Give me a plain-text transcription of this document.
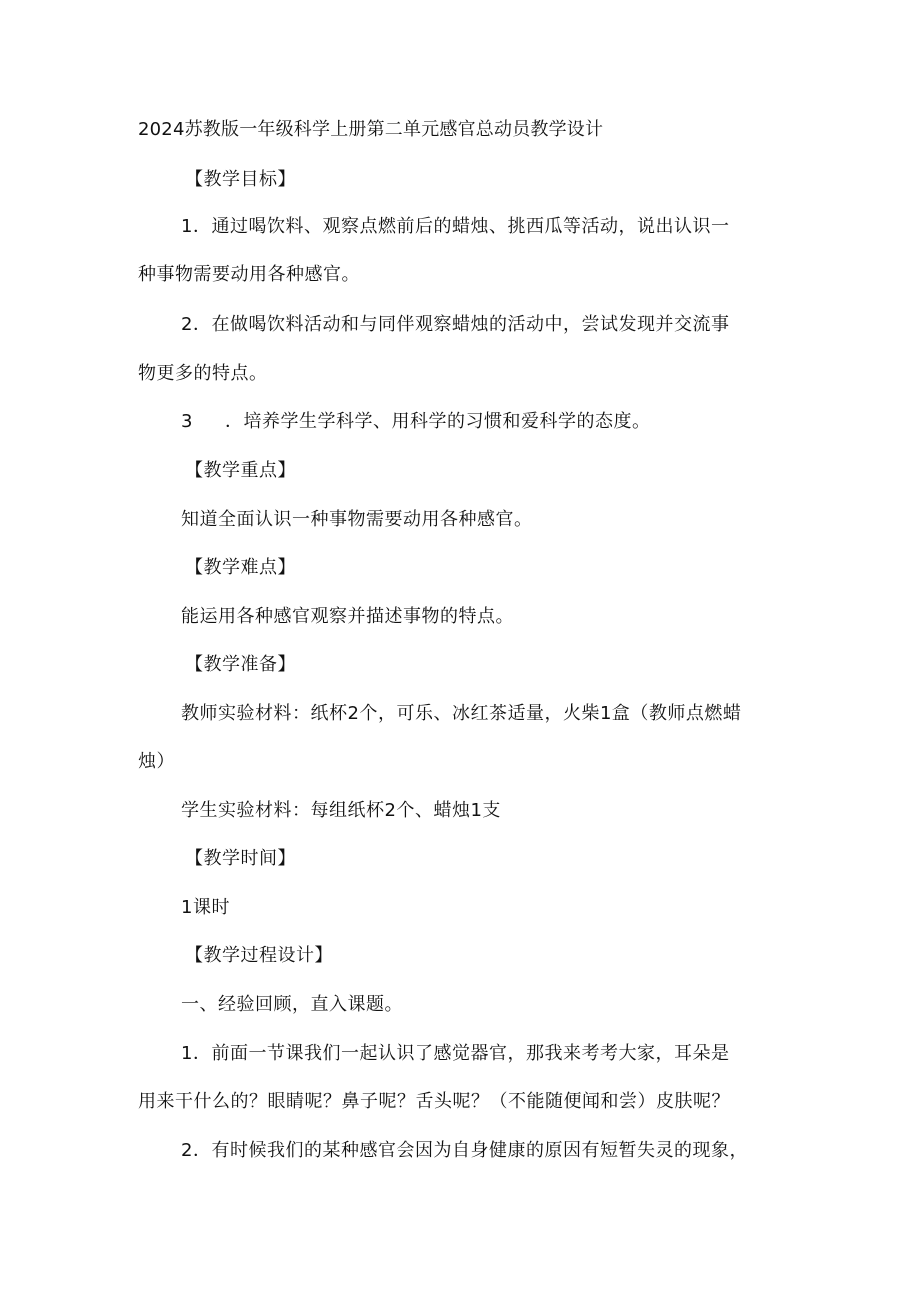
2024苏教版一年级科学上册第二单元感官总动员教学设计
【教学目标】
1．通过喝饮料、观察点燃前后的蜡烛、挑西瓜等活动，说出认识一
种事物需要动用各种感官。
2．在做喝饮料活动和与同伴观察蜡烛的活动中，尝试发现并交流事
物更多的特点。
3 ．培养学生学科学、用科学的习惯和爱科学的态度。
【教学重点】
知道全面认识一种事物需要动用各种感官。
【教学难点】
能运用各种感官观察并描述事物的特点。
【教学准备】
教师实验材料：纸杯2个，可乐、冰红茶适量，火柴1盒（教师点燃蜡
烛）
学生实验材料：每组纸杯2个、蜡烛1支
【教学时间】
1课时
【教学过程设计】
一、经验回顾，直入课题。
1．前面一节课我们一起认识了感觉器官，那我来考考大家，耳朵是
用来干什么的？眼睛呢？鼻子呢？舌头呢？（不能随便闻和尝）皮肤呢？
2．有时候我们的某种感官会因为自身健康的原因有短暂失灵的现象，
